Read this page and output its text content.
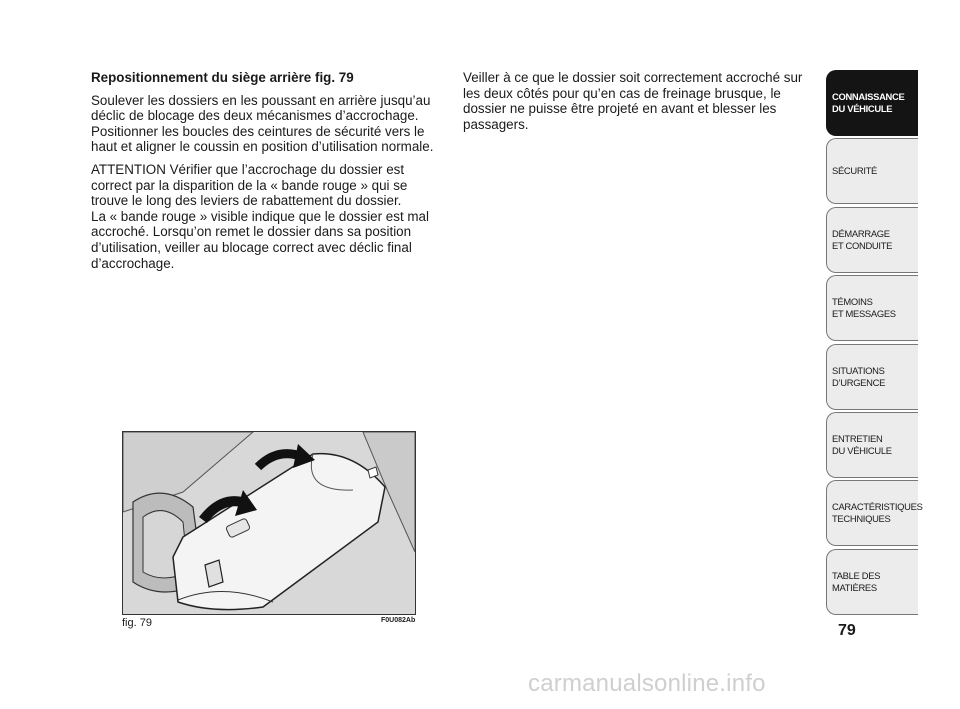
Repositionnement du siège arrière fig. 79

Soulever les dossiers en les poussant en arrière jusqu’au déclic de blocage des deux mécanismes d’accrochage. Positionner les boucles des ceintures de sécurité vers le haut et aligner le coussin en position d’utilisation normale.

ATTENTION Vérifier que l’accrochage du dossier est correct par la disparition de la « bande rouge » qui se trouve le long des leviers de rabattement du dossier.

La « bande rouge » visible indique que le dossier est mal accroché. Lorsqu’on remet le dossier dans sa position d’utilisation, veiller au blocage correct avec déclic final d’accrochage.

Veiller à ce que le dossier soit correctement accroché sur les deux côtés pour qu’en cas de freinage brusque, le dossier ne puisse être projeté en avant et blesser les passagers.

fig. 79	F0U082Ab
CONNAISSANCE
DU VÉHICULE
SÉCURITÉ
DÉMARRAGE
ET CONDUITE
TÉMOINS
ET MESSAGES
SITUATIONS
D’URGENCE
ENTRETIEN
DU VÉHICULE
CARACTÉRISTIQUES
TECHNIQUES
TABLE DES
MATIÈRES
79
carmanualsonline.info
